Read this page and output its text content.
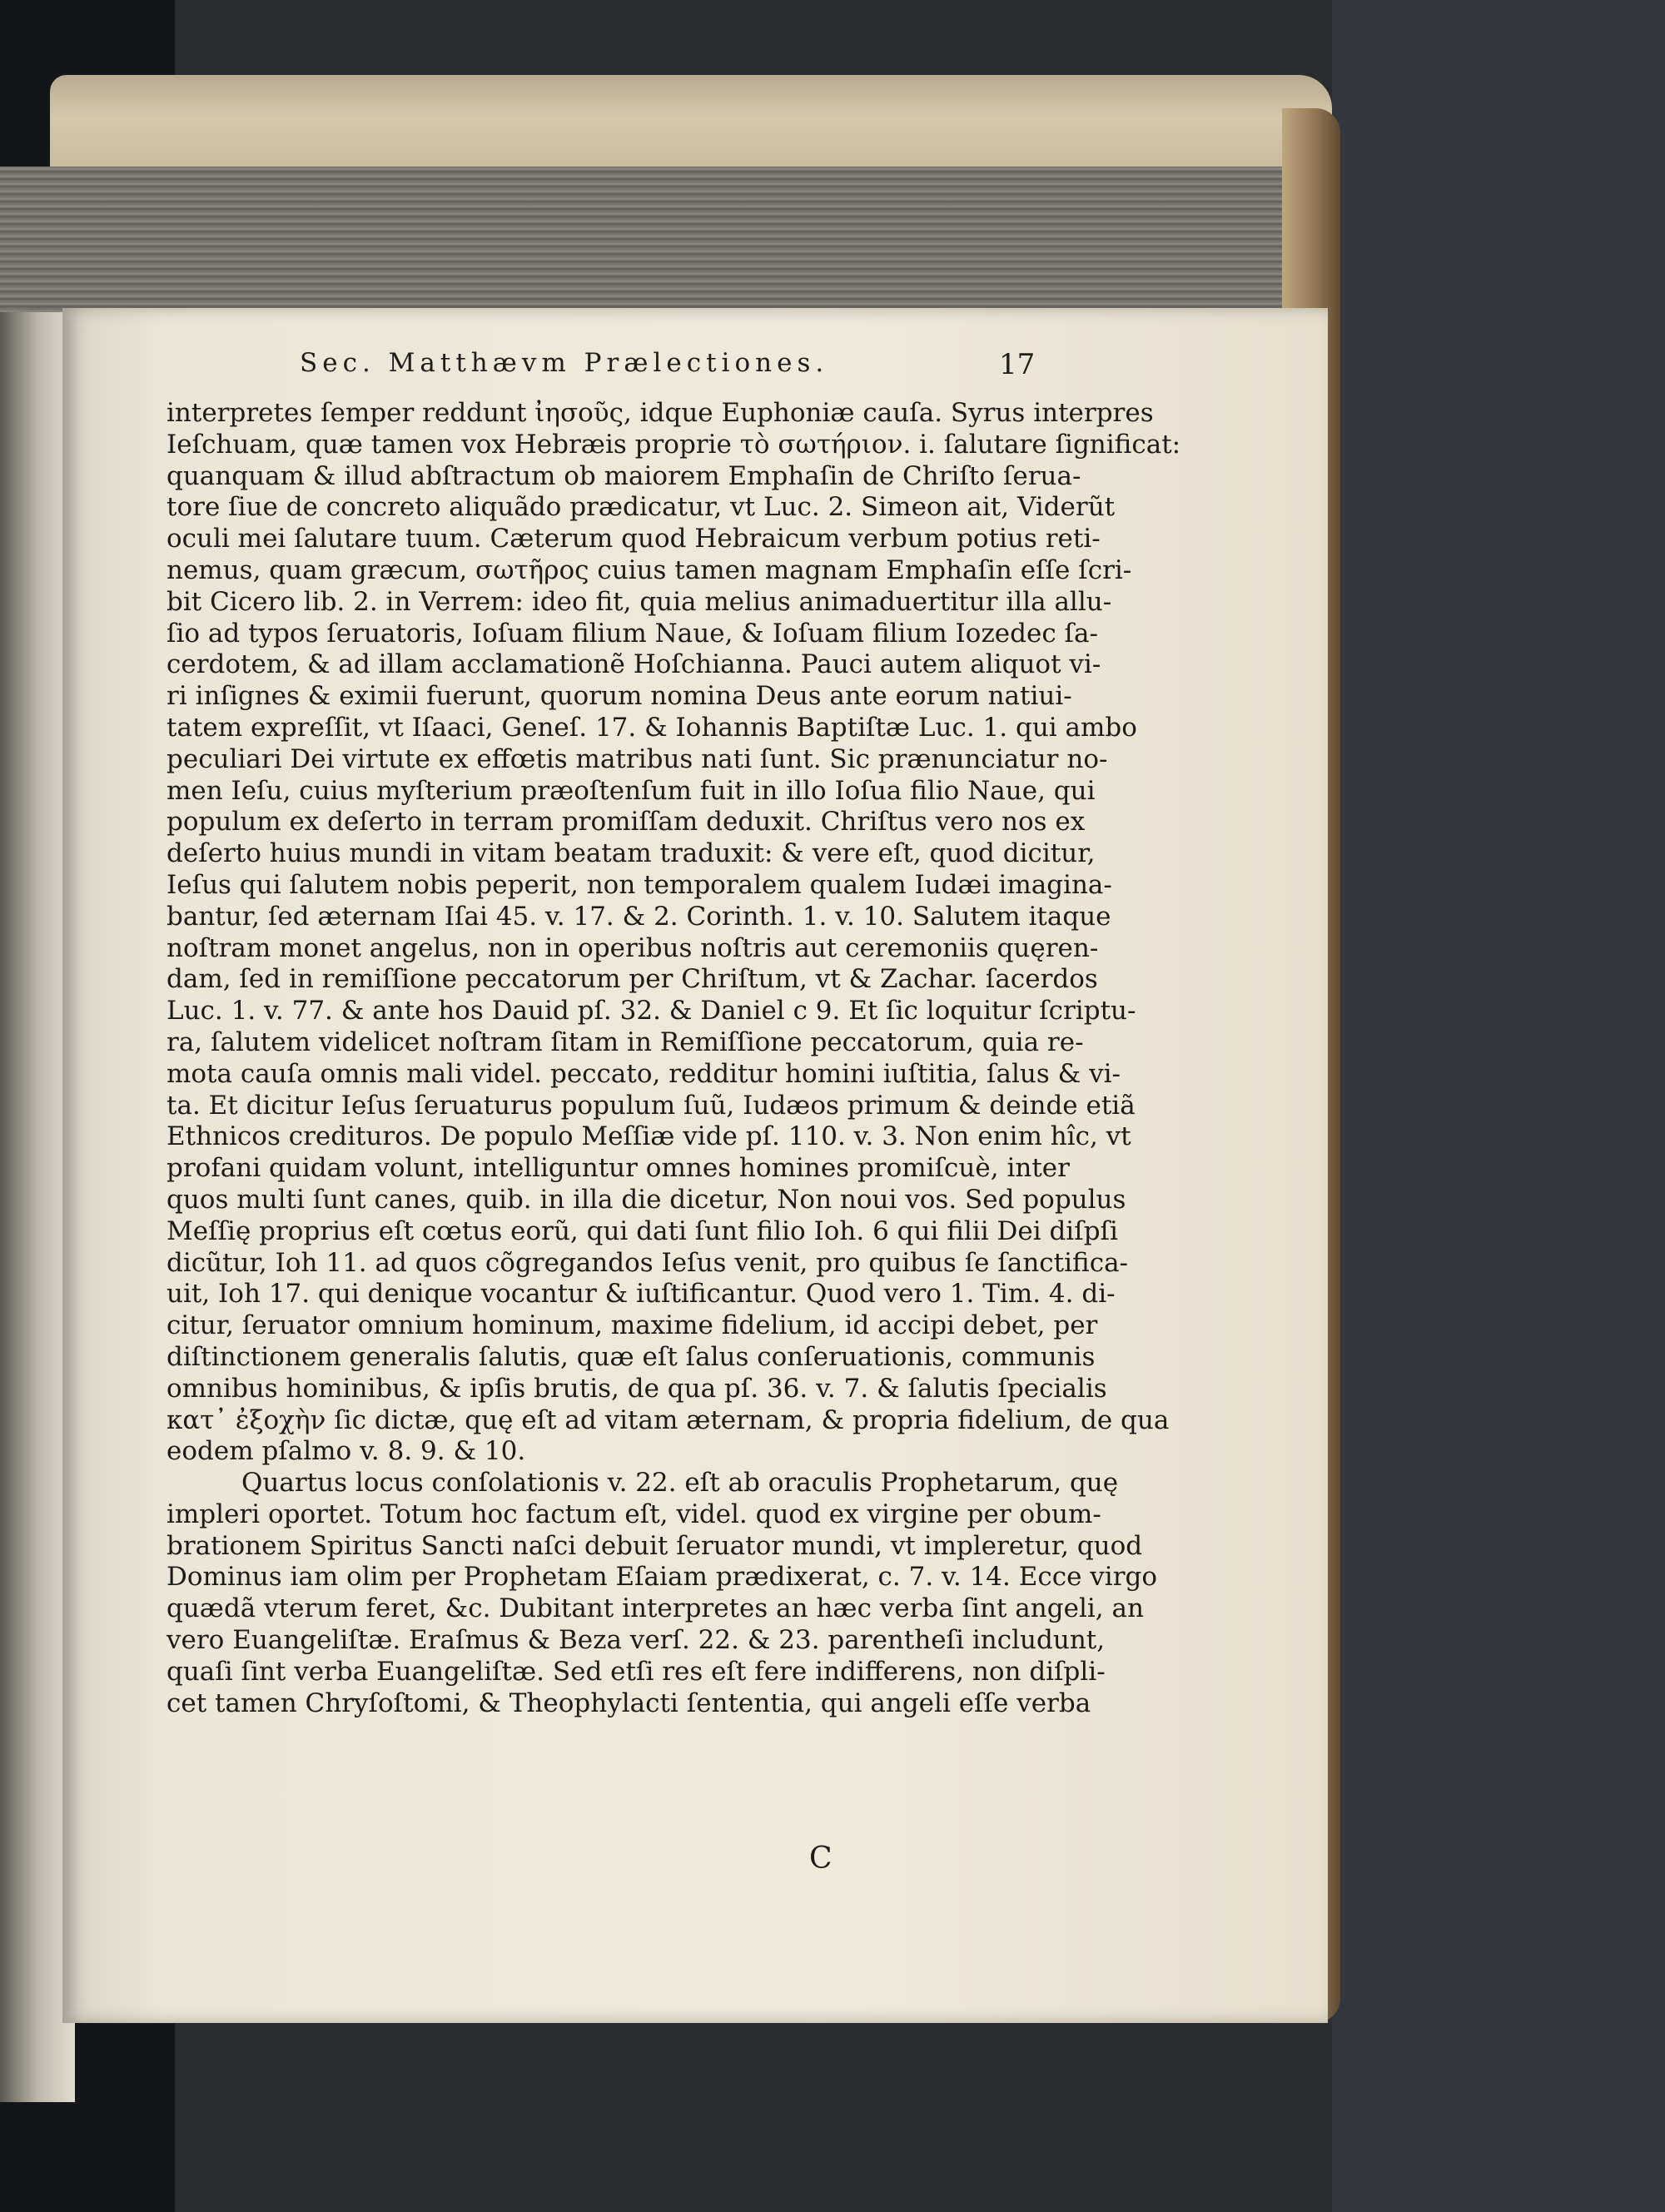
Sec. Matthævm Prælectiones.	17
interpretes ſemper reddunt ἰησοῦς, idque Euphoniæ cauſa. Syrus interpres
Ieſchuam, quæ tamen vox Hebræis proprie τὸ σωτήριον. i. ſalutare ſignificat:
quanquam & illud abſtractum ob maiorem Emphaſin de Chriſto ſerua-
tore ſiue de concreto aliquãdo prædicatur, vt Luc. 2. Simeon ait, Viderũt
oculi mei ſalutare tuum. Cæterum quod Hebraicum verbum potius reti-
nemus, quam græcum, σωτῆρος cuius tamen magnam Emphaſin eſſe ſcri-
bit Cicero lib. 2. in Verrem: ideo fit, quia melius animaduertitur illa allu-
ſio ad typos ſeruatoris, Ioſuam filium Naue, & Ioſuam filium Iozedec ſa-
cerdotem, & ad illam acclamationẽ Hoſchianna. Pauci autem aliquot vi-
ri inſignes & eximii fuerunt, quorum nomina Deus ante eorum natiui-
tatem expreſſit, vt Iſaaci, Geneſ. 17. & Iohannis Baptiſtæ Luc. 1. qui ambo
peculiari Dei virtute ex effœtis matribus nati ſunt. Sic prænunciatur no-
men Ieſu, cuius myſterium præoſtenſum fuit in illo Ioſua filio Naue, qui
populum ex deſerto in terram promiſſam deduxit. Chriſtus vero nos ex
deſerto huius mundi in vitam beatam traduxit: & vere eſt, quod dicitur,
Ieſus qui ſalutem nobis peperit, non temporalem qualem Iudæi imagina-
bantur, ſed æternam Iſai 45. v. 17. & 2. Corinth. 1. v. 10. Salutem itaque
noſtram monet angelus, non in operibus noſtris aut ceremoniis quęren-
dam, ſed in remiſſione peccatorum per Chriſtum, vt & Zachar. ſacerdos
Luc. 1. v. 77. & ante hos Dauid pſ. 32. & Daniel c 9. Et ſic loquitur ſcriptu-
ra, ſalutem videlicet noſtram ſitam in Remiſſione peccatorum, quia re-
mota cauſa omnis mali videl. peccato, redditur homini iuſtitia, ſalus & vi-
ta. Et dicitur Ieſus ſeruaturus populum ſuũ, Iudæos primum & deinde etiã
Ethnicos credituros. De populo Meſſiæ vide pſ. 110. v. 3. Non enim hîc, vt
profani quidam volunt, intelliguntur omnes homines promiſcuè, inter
quos multi ſunt canes, quib. in illa die dicetur, Non noui vos. Sed populus
Meſſię proprius eſt cœtus eorũ, qui dati ſunt filio Ioh. 6 qui filii Dei diſpſi
dicũtur, Ioh 11. ad quos cõgregandos Ieſus venit, pro quibus ſe ſanctifica-
uit, Ioh 17. qui denique vocantur & iuſtificantur. Quod vero 1. Tim. 4. di-
citur, ſeruator omnium hominum, maxime fidelium, id accipi debet, per
diſtinctionem generalis ſalutis, quæ eſt ſalus conſeruationis, communis
omnibus hominibus, & ipſis brutis, de qua pſ. 36. v. 7. & ſalutis ſpecialis
κατ᾽ ἐξοχὴν ſic dictæ, quę eſt ad vitam æternam, & propria fidelium, de qua
eodem pſalmo v. 8. 9. & 10.
Quartus locus conſolationis v. 22. eſt ab oraculis Prophetarum, quę
impleri oportet. Totum hoc factum eſt, videl. quod ex virgine per obum-
brationem Spiritus Sancti naſci debuit ſeruator mundi, vt impleretur, quod
Dominus iam olim per Prophetam Eſaiam prædixerat, c. 7. v. 14. Ecce virgo
quædã vterum feret, &c. Dubitant interpretes an hæc verba ſint angeli, an
vero Euangeliſtæ. Eraſmus & Beza verſ. 22. & 23. parentheſi includunt,
quaſi ſint verba Euangeliſtæ. Sed etſi res eſt fere indifferens, non diſpli-
cet tamen Chryſoſtomi, & Theophylacti ſententia, qui angeli eſſe verba
C
